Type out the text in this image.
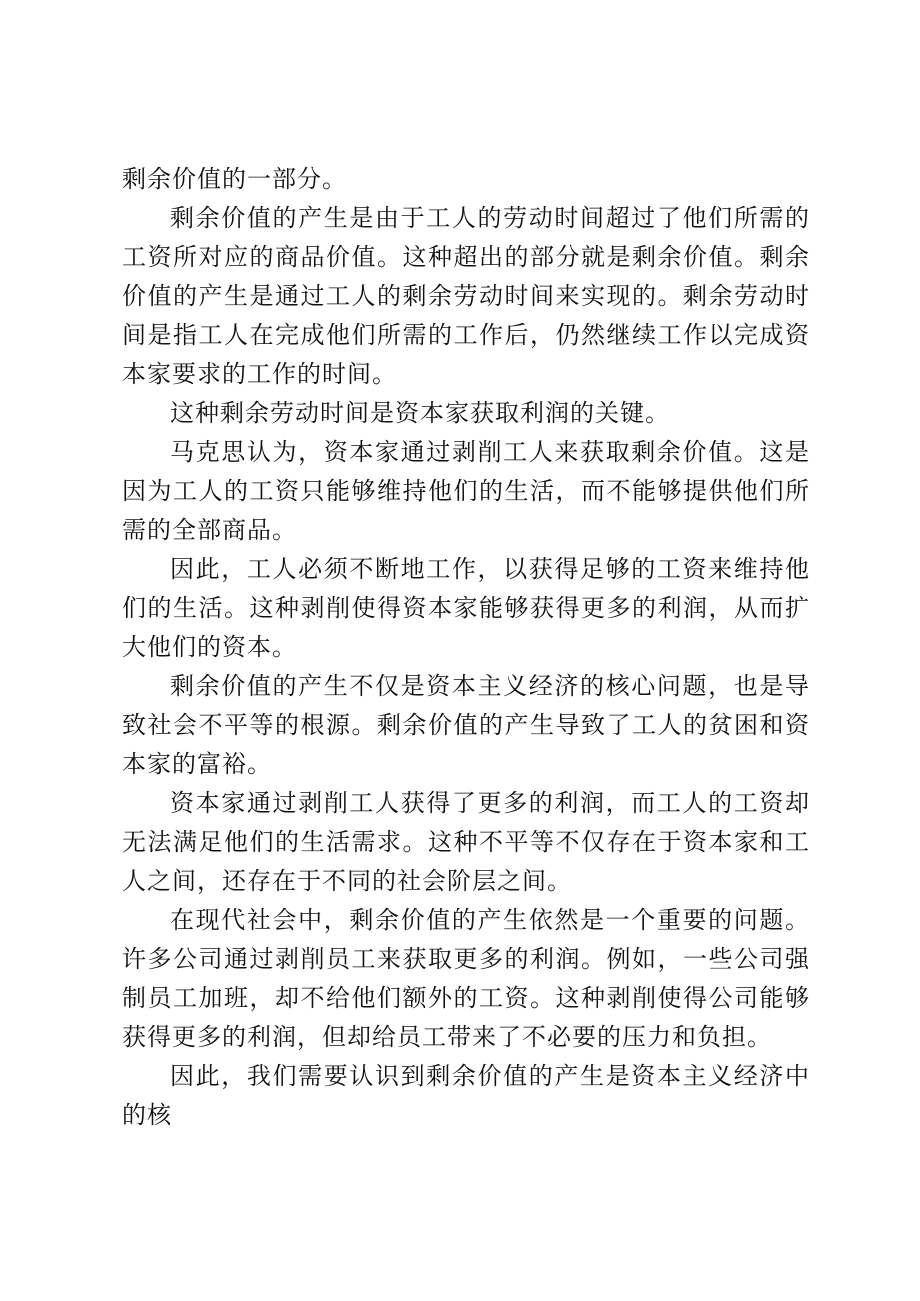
剩余价值的一部分。

剩余价值的产生是由于工人的劳动时间超过了他们所需的工资所对应的商品价值。这种超出的部分就是剩余价值。剩余价值的产生是通过工人的剩余劳动时间来实现的。剩余劳动时间是指工人在完成他们所需的工作后，仍然继续工作以完成资本家要求的工作的时间。

这种剩余劳动时间是资本家获取利润的关键。

马克思认为，资本家通过剥削工人来获取剩余价值。这是因为工人的工资只能够维持他们的生活，而不能够提供他们所需的全部商品。

因此，工人必须不断地工作，以获得足够的工资来维持他们的生活。这种剥削使得资本家能够获得更多的利润，从而扩大他们的资本。

剩余价值的产生不仅是资本主义经济的核心问题，也是导致社会不平等的根源。剩余价值的产生导致了工人的贫困和资本家的富裕。

资本家通过剥削工人获得了更多的利润，而工人的工资却无法满足他们的生活需求。这种不平等不仅存在于资本家和工人之间，还存在于不同的社会阶层之间。

在现代社会中，剩余价值的产生依然是一个重要的问题。许多公司通过剥削员工来获取更多的利润。例如，一些公司强制员工加班，却不给他们额外的工资。这种剥削使得公司能够获得更多的利润，但却给员工带来了不必要的压力和负担。

因此，我们需要认识到剩余价值的产生是资本主义经济中的核
